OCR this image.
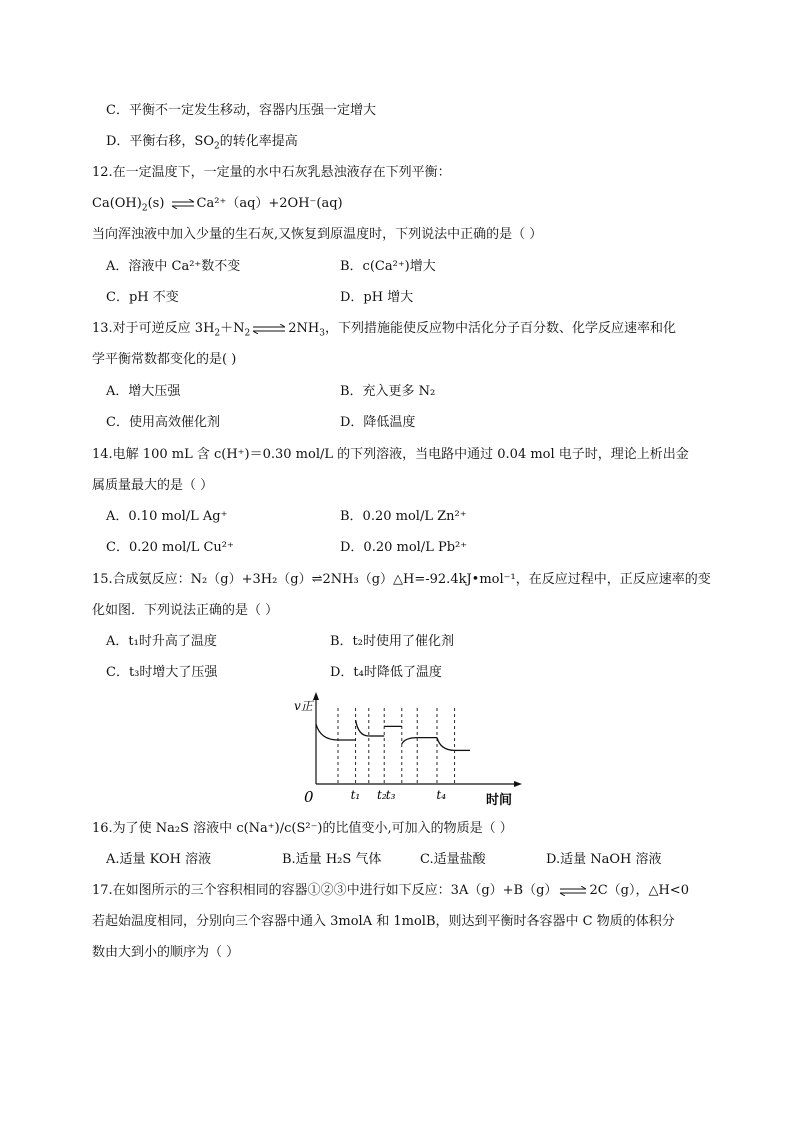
C．平衡不一定发生移动，容器内压强一定增大
D．平衡右移，$SO_2$的转化率提高
12.在一定温度下，一定量的水中石灰乳悬浊液存在下列平衡：
$Ca(OH)_2(s)$ ⇌ Ca²⁺（aq）+2OH⁻(aq)
当向浑浊液中加入少量的生石灰,又恢复到原温度时，下列说法中正确的是（ ）
A．溶液中 Ca²⁺数不变	B．c(Ca²⁺)增大
C．pH 不变	D．pH 增大
13.对于可逆反应 $3H_2+N_2$ ⇌ $2NH_3$，下列措施能使反应物中活化分子百分数、化学反应速率和化
学平衡常数都变化的是( )
A．增大压强	B．充入更多 N₂
C．使用高效催化剂	D．降低温度
14.电解 100 mL 含 c(H⁺)＝0.30 mol/L 的下列溶液，当电路中通过 0.04 mol 电子时，理论上析出金
属质量最大的是（ ）
A．0.10 mol/L Ag⁺	B．0.20 mol/L Zn²⁺
C．0.20 mol/L Cu²⁺	D．0.20 mol/L Pb²⁺
15.合成氨反应：N₂（g）+3H₂（g）⇌2NH₃（g）△H=-92.4kJ•mol⁻¹，在反应过程中，正反应速率的变
化如图．下列说法正确的是（ ）
A．t₁时升高了温度	B．t₂时使用了催化剂
C．t₃时增大了压强	D．t₄时降低了温度
v正
0	时间
t₁ t₂ t₃	t₄
16.为了使 Na₂S 溶液中 c(Na⁺)/c(S²⁻)的比值变小,可加入的物质是（ ）
A.适量 KOH 溶液	B.适量 H₂S 气体	C.适量盐酸	D.适量 NaOH 溶液
17.在如图所示的三个容积相同的容器①②③中进行如下反应：3A（g）+B（g） ⇌ 2C（g），△H<0
若起始温度相同，分别向三个容器中通入 3molA 和 1molB，则达到平衡时各容器中 C 物质的体积分
数由大到小的顺序为（ ）
